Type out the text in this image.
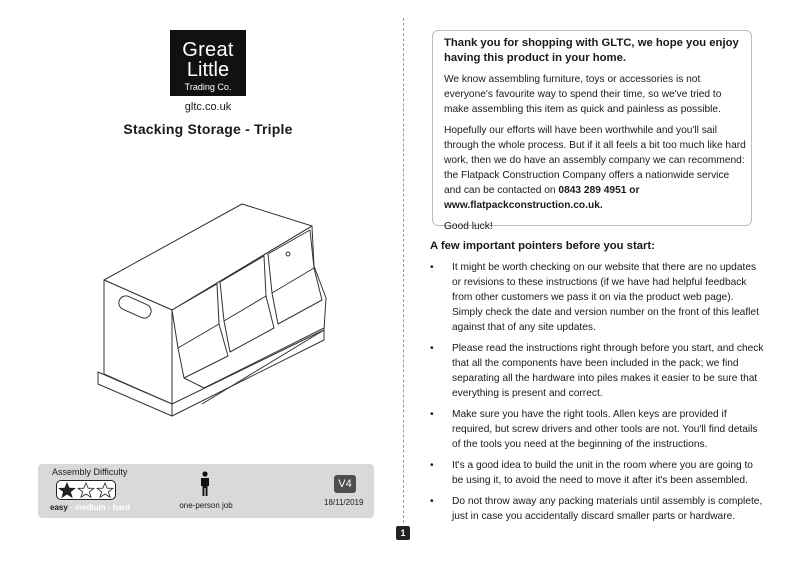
Great
Little
Trading Co.
gltc.co.uk
Stacking Storage - Triple
Assembly Difficulty
easy - medium - hard	one-person job
V4
18/11/2019
1

Thank you for shopping with GLTC, we hope you enjoy having this product in your home.

We know assembling furniture, toys or accessories is not everyone's favourite way to spend their time, so we've tried to make assembling this item as quick and painless as possible.

Hopefully our efforts will have been worthwhile and you'll sail through the whole process. But if it all feels a bit too much like hard work, then we do have an assembly company we can recommend: the Flatpack Construction Company offers a nationwide service and can be contacted on 0843 289 4951 or www.flatpackconstruction.co.uk.

Good luck!

A few important pointers before you start:
• It might be worth checking on our website that there are no updates or revisions to these instructions (if we have had helpful feedback from other customers we pass it on via the product web page). Simply check the date and version number on the front of this leaflet against that of any site updates.
• Please read the instructions right through before you start, and check that all the components have been included in the pack; we find separating all the hardware into piles makes it easier to be sure that everything is present and correct.
• Make sure you have the right tools. Allen keys are provided if required, but screw drivers and other tools are not. You'll find details of the tools you need at the beginning of the instructions.
• It's a good idea to build the unit in the room where you are going to be using it, to avoid the need to move it after it's been assembled.
• Do not throw away any packing materials until assembly is complete, just in case you accidentally discard smaller parts or hardware.
